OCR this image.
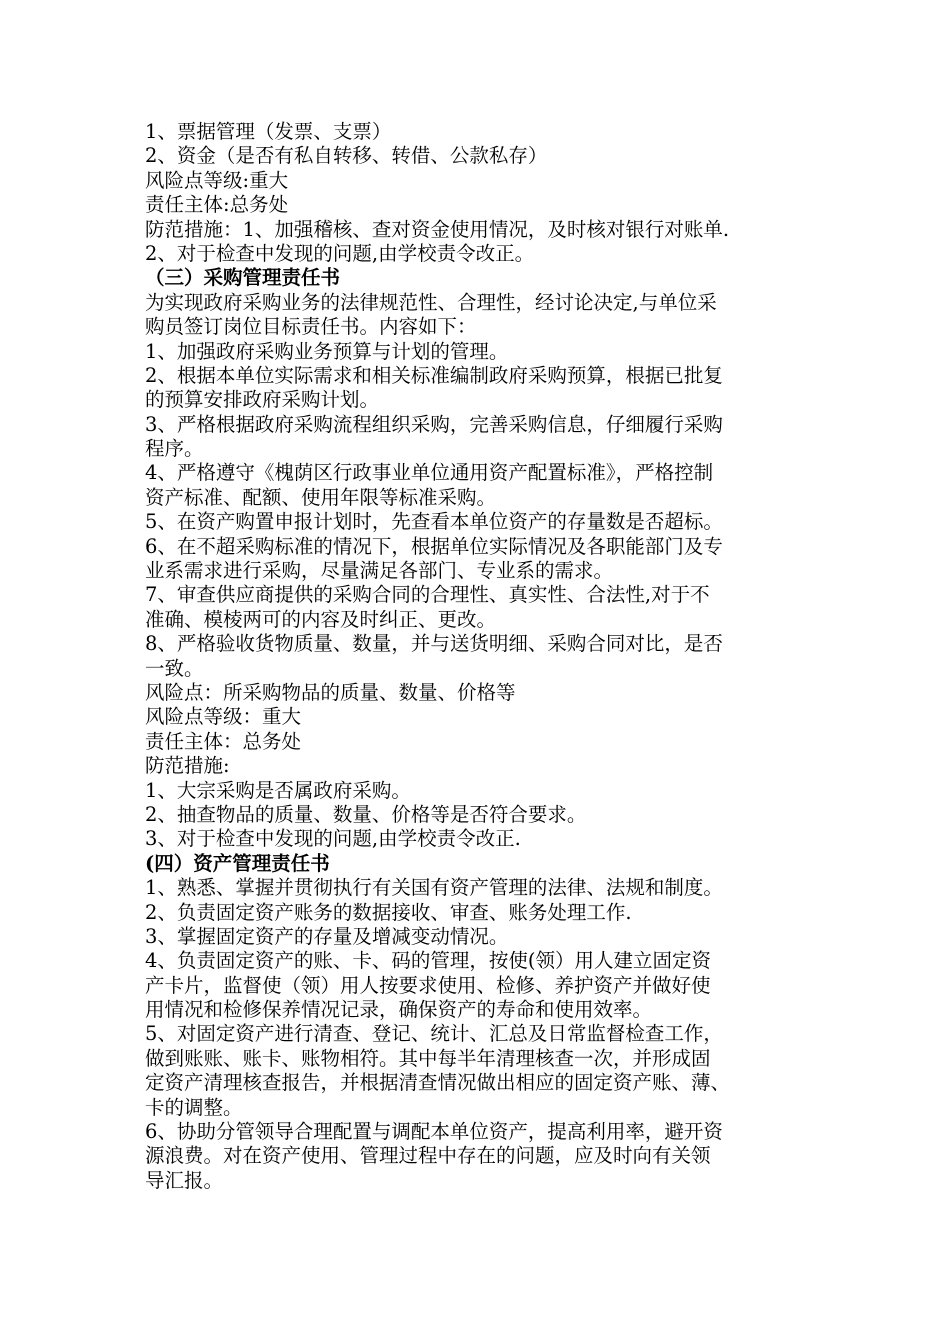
1、票据管理（发票、支票）
2、资金（是否有私自转移、转借、公款私存）
风险点等级:重大
责任主体:总务处
防范措施：1、加强稽核、查对资金使用情况，及时核对银行对账单.
2、对于检查中发现的问题,由学校责令改正。
（三）采购管理责任书
为实现政府采购业务的法律规范性、合理性，经讨论决定,与单位采
购员签订岗位目标责任书。内容如下：
1、加强政府采购业务预算与计划的管理。
2、根据本单位实际需求和相关标准编制政府采购预算，根据已批复
的预算安排政府采购计划。
3、严格根据政府采购流程组织采购，完善采购信息，仔细履行采购
程序。
4、严格遵守《槐荫区行政事业单位通用资产配置标准》，严格控制
资产标准、配额、使用年限等标准采购。
5、在资产购置申报计划时，先查看本单位资产的存量数是否超标。
6、在不超采购标准的情况下，根据单位实际情况及各职能部门及专
业系需求进行采购，尽量满足各部门、专业系的需求。
7、审查供应商提供的采购合同的合理性、真实性、合法性,对于不
准确、模棱两可的内容及时纠正、更改。
8、严格验收货物质量、数量，并与送货明细、采购合同对比，是否
一致。
风险点：所采购物品的质量、数量、价格等
风险点等级：重大
责任主体：总务处
防范措施:
1、大宗采购是否属政府采购。
2、抽查物品的质量、数量、价格等是否符合要求。
3、对于检查中发现的问题,由学校责令改正.
(四）资产管理责任书
1、熟悉、掌握并贯彻执行有关国有资产管理的法律、法规和制度。
2、负责固定资产账务的数据接收、审查、账务处理工作.
3、掌握固定资产的存量及增减变动情况。
4、负责固定资产的账、卡、码的管理，按使(领）用人建立固定资
产卡片，监督使（领）用人按要求使用、检修、养护资产并做好使
用情况和检修保养情况记录，确保资产的寿命和使用效率。
5、对固定资产进行清查、登记、统计、汇总及日常监督检查工作，
做到账账、账卡、账物相符。其中每半年清理核查一次，并形成固
定资产清理核查报告，并根据清查情况做出相应的固定资产账、薄、
卡的调整。
6、协助分管领导合理配置与调配本单位资产，提高利用率，避开资
源浪费。对在资产使用、管理过程中存在的问题，应及时向有关领
导汇报。
